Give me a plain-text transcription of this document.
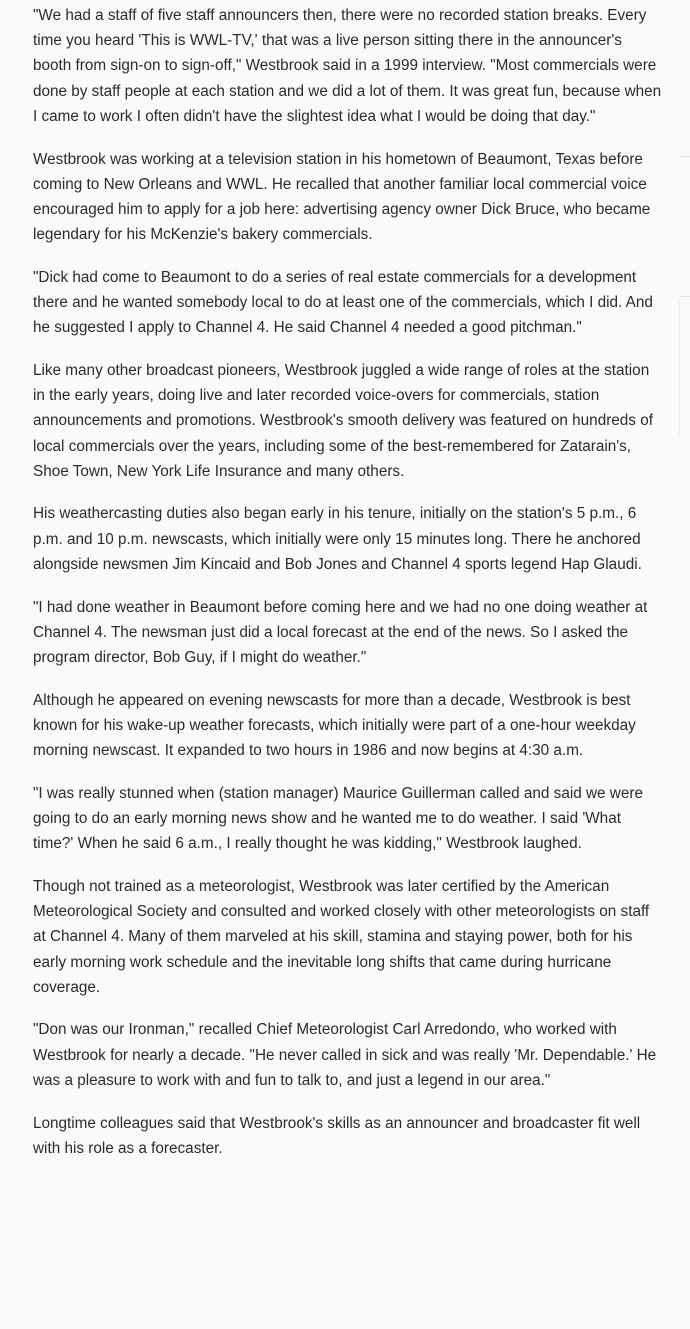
"We had a staff of five staff announcers then, there were no recorded station breaks. Every time you heard 'This is WWL-TV,' that was a live person sitting there in the announcer's booth from sign-on to sign-off," Westbrook said in a 1999 interview. "Most commercials were done by staff people at each station and we did a lot of them. It was great fun, because when I came to work I often didn't have the slightest idea what I would be doing that day."

Westbrook was working at a television station in his hometown of Beaumont, Texas before coming to New Orleans and WWL. He recalled that another familiar local commercial voice encouraged him to apply for a job here: advertising agency owner Dick Bruce, who became legendary for his McKenzie's bakery commercials.

"Dick had come to Beaumont to do a series of real estate commercials for a development there and he wanted somebody local to do at least one of the commercials, which I did. And he suggested I apply to Channel 4. He said Channel 4 needed a good pitchman."

Like many other broadcast pioneers, Westbrook juggled a wide range of roles at the station in the early years, doing live and later recorded voice-overs for commercials, station announcements and promotions. Westbrook's smooth delivery was featured on hundreds of local commercials over the years, including some of the best-remembered for Zatarain's, Shoe Town, New York Life Insurance and many others.

His weathercasting duties also began early in his tenure, initially on the station's 5 p.m., 6 p.m. and 10 p.m. newscasts, which initially were only 15 minutes long. There he anchored alongside newsmen Jim Kincaid and Bob Jones and Channel 4 sports legend Hap Glaudi.

"I had done weather in Beaumont before coming here and we had no one doing weather at Channel 4. The newsman just did a local forecast at the end of the news. So I asked the program director, Bob Guy, if I might do weather."

Although he appeared on evening newscasts for more than a decade, Westbrook is best known for his wake-up weather forecasts, which initially were part of a one-hour weekday morning newscast. It expanded to two hours in 1986 and now begins at 4:30 a.m.

"I was really stunned when (station manager) Maurice Guillerman called and said we were going to do an early morning news show and he wanted me to do weather. I said 'What time?' When he said 6 a.m., I really thought he was kidding," Westbrook laughed.

Though not trained as a meteorologist, Westbrook was later certified by the American Meteorological Society and consulted and worked closely with other meteorologists on staff at Channel 4. Many of them marveled at his skill, stamina and staying power, both for his early morning work schedule and the inevitable long shifts that came during hurricane coverage.

"Don was our Ironman," recalled Chief Meteorologist Carl Arredondo, who worked with Westbrook for nearly a decade. "He never called in sick and was really 'Mr. Dependable.' He was a pleasure to work with and fun to talk to, and just a legend in our area."

Longtime colleagues said that Westbrook's skills as an announcer and broadcaster fit well with his role as a forecaster.
